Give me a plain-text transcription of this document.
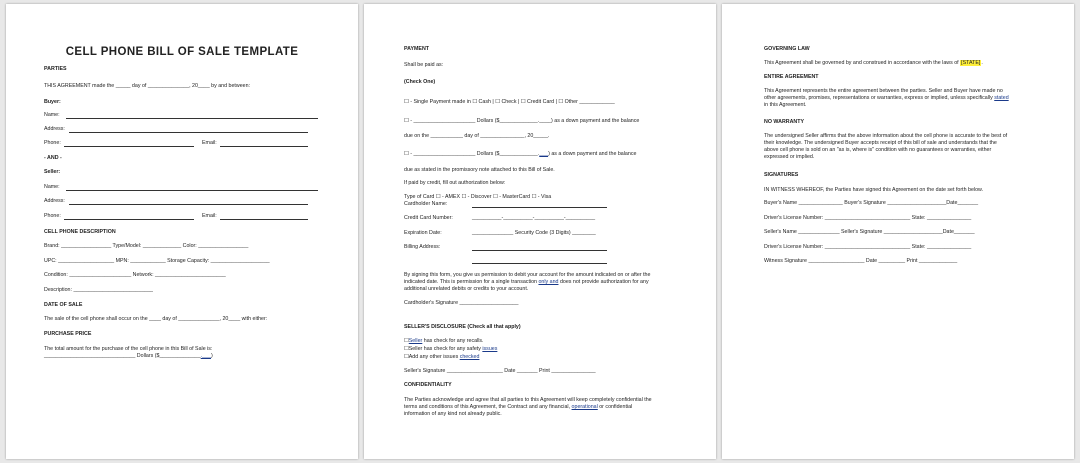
CELL PHONE BILL OF SALE TEMPLATE
PARTIES
THIS AGREEMENT made the _____ day of ______________, 20____ by and between:
Buyer:
Name:
Address:
Phone:	Email:
- AND -
Seller:
Name:
Address:
Phone:	Email:
CELL PHONE DESCRIPTION
Brand: _________________ Type/Model: _____________ Color: _________________
UPC: ___________________ MPN: ____________ Storage Capacity: ____________________
Condition: _____________________ Network: ________________________
Description: ___________________________
DATE OF SALE
The sale of the cell phone shall occur on the ____ day of ______________, 20____ with either:
PURCHASE PRICE
The total amount for the purchase of the cell phone in this Bill of Sale is:
_______________________________ Dollars ($______________.___)
PAYMENT
Shall be paid as:
(Check One)
☐ - Single Payment made in ☐ Cash | ☐ Check | ☐ Credit Card | ☐ Other ____________
☐ - _____________________ Dollars ($_____________.____) as a down payment and the balance
due on the ___________ day of _______________, 20_____.
☐ - _____________________ Dollars ($_____________.___) as a down payment and the balance
due as stated in the promissory note attached to this Bill of Sale.
If paid by credit, fill out authorization below:
Type of Card ☐ - AMEX ☐ - Discover ☐ - MasterCard ☐ - Visa
Cardholder Name:
Credit Card Number:	__________-__________-__________-__________
Expiration Date:	______________ Security Code (3 Digits) ________
Billing Address:
By signing this form, you give us permission to debit your account for the amount indicated on or after the
indicated date. This is permission for a single transaction only and does not provide authorization for any
additional unrelated debits or credits to your account.
Cardholder's Signature ____________________
SELLER'S DISCLOSURE (Check all that apply)
☐Seller has check for any recalls.
☐Seller has check for any safety issues
☐Add any other issues checked
Seller's Signature ___________________ Date _______ Print _______________
CONFIDENTIALITY
The Parties acknowledge and agree that all parties to this Agreement will keep completely confidential the
terms and conditions of this Agreement, the Contract and any financial, operational or confidential
information of any kind not already public.
GOVERNING LAW
This Agreement shall be governed by and construed in accordance with the laws of [STATE].
ENTIRE AGREEMENT
This Agreement represents the entire agreement between the parties. Seller and Buyer have made no
other agreements, promises, representations or warranties, express or implied, unless specifically stated
in this Agreement.
NO WARRANTY
The undersigned Seller affirms that the above information about the cell phone is accurate to the best of
their knowledge. The undersigned Buyer accepts receipt of this bill of sale and understands that the
above cell phone is sold on an "as is, where is" condition with no guarantees or warranties, either
expressed or implied.
SIGNATURES
IN WITNESS WHEREOF, the Parties have signed this Agreement on the date set forth below.
Buyer's Name _______________ Buyer's Signature ____________________Date_______
Driver's License Number: _____________________________ State: _______________
Seller's Name ______________ Seller's Signature ____________________Date_______
Driver's License Number: _____________________________ State: _______________
Witness Signature ___________________ Date _________ Print _____________
